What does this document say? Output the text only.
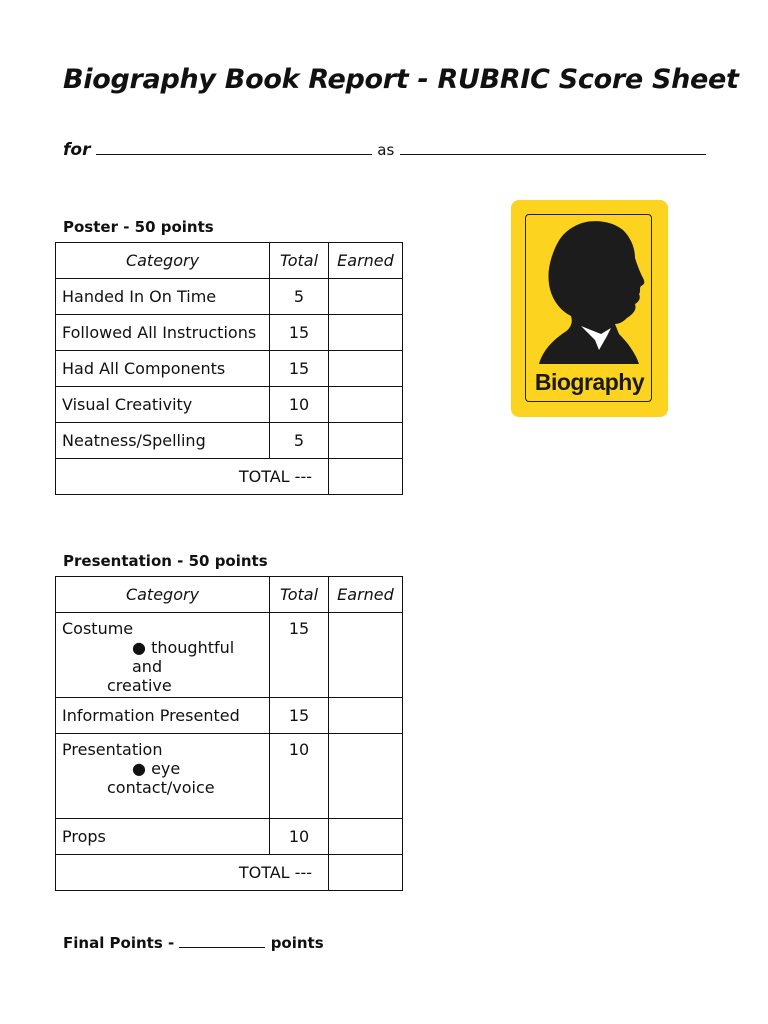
Biography Book Report - RUBRIC Score Sheet
for	as
Poster - 50 points
Category	Total	Earned
Handed In On Time	5	
Followed All Instructions	15	
Had All Components	15	
Visual Creativity	10	
Neatness/Spelling	5	
TOTAL ---		
Biography
Presentation - 50 points
Category	Total	Earned

Costume
● thoughtful and
creative	15	
Information Presented	15	

Presentation
● eye
contact/voice	10	
Props	10	
TOTAL ---		
Final Points -	points
